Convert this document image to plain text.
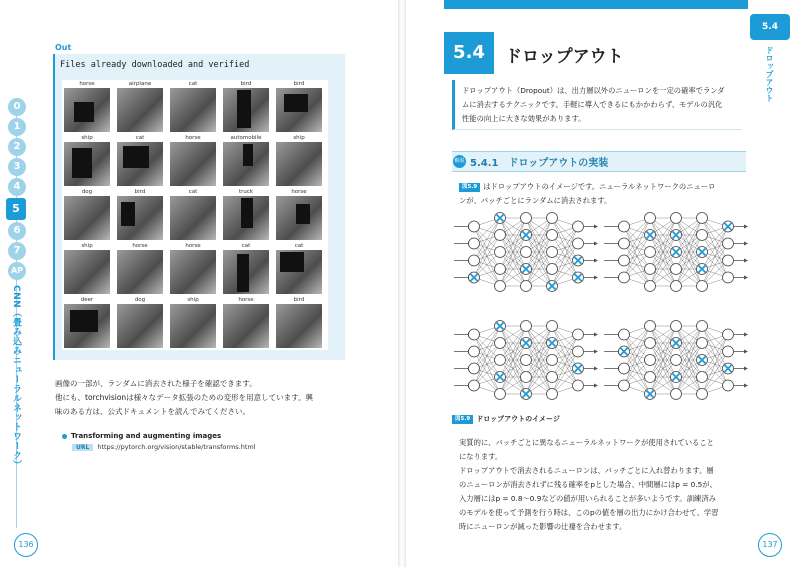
0
1
2
3
4
5
6
7
AP
CNN（畳み込みニューラルネットワーク）
136
Out
Files already downloaded and verified
horse	airplane	cat	bird	bird
ship	cat	horse	automobile	ship
dog	bird	cat	truck	horse
ship	horse	horse	cat	cat
deer	dog	ship	horse	bird
画像の一部が、ランダムに消去された様子を確認できます。
他にも、torchvisionは様々なデータ拡張のための変形を用意しています。興
味のある方は、公式ドキュメントを読んでみてください。
Transforming and augmenting images
URL https://pytorch.org/vision/stable/transforms.html
5.4
ドロップアウト
5.4	ドロップアウト
ドロップアウト（Dropout）は、出力層以外のニューロンを一定の確率でランダ
ムに消去するテクニックです。手軽に導入できるにもかかわらず、モデルの汎化
性能の向上に大きな効果があります。
解説 5.4.1　ドロップアウトの実装
図5.9 はドロップアウトのイメージです。ニューラルネットワークのニューロ
ンが、バッチごとにランダムに消去されます。
図5.9 ドロップアウトのイメージ
実質的に、バッチごとに異なるニューラルネットワークが使用されていること
になります。
ドロップアウトで消去されるニューロンは、バッチごとに入れ替わります。層
のニューロンが消去されずに残る確率をpとした場合、中間層にはp = 0.5が、
入力層にはp = 0.8～0.9などの値が用いられることが多いようです。訓練済み
のモデルを使って予測を行う時は、このpの値を層の出力にかけ合わせて、学習
時にニューロンが減った影響の辻褄を合わせます。
137
